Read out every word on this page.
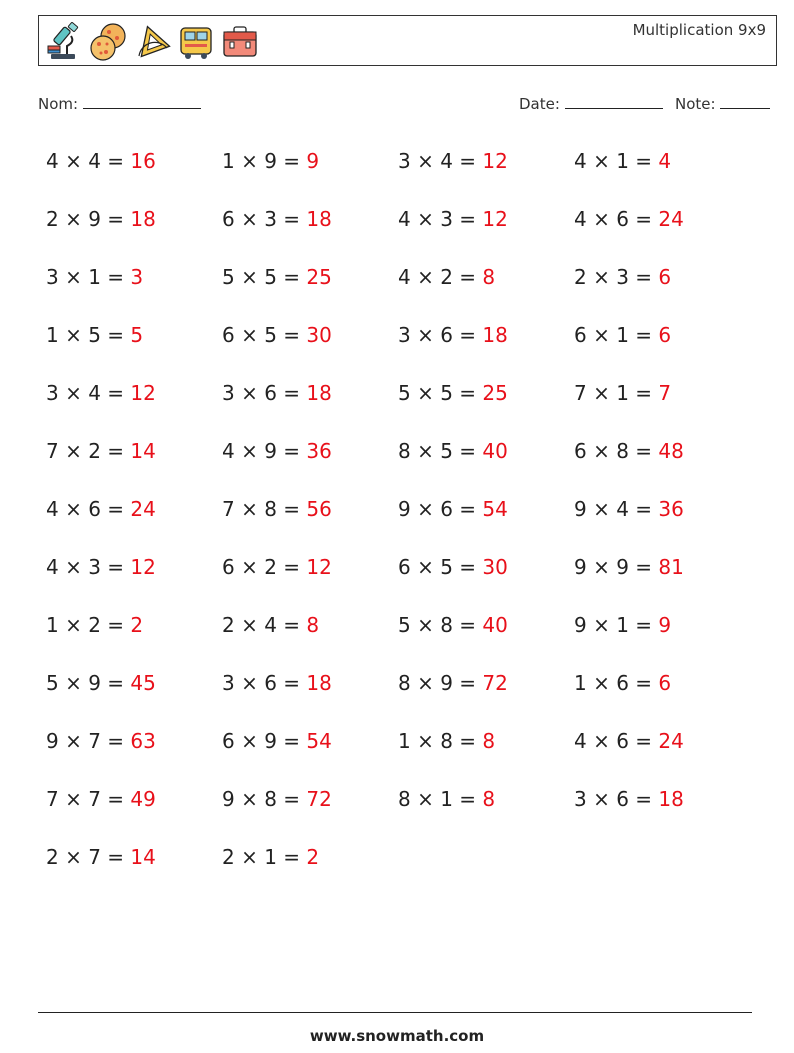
Multiplication 9x9
Nom:	Date:	Note:
4 × 4 = 16	1 × 9 = 9	3 × 4 = 12	4 × 1 = 4
2 × 9 = 18	6 × 3 = 18	4 × 3 = 12	4 × 6 = 24
3 × 1 = 3	5 × 5 = 25	4 × 2 = 8	2 × 3 = 6
1 × 5 = 5	6 × 5 = 30	3 × 6 = 18	6 × 1 = 6
3 × 4 = 12	3 × 6 = 18	5 × 5 = 25	7 × 1 = 7
7 × 2 = 14	4 × 9 = 36	8 × 5 = 40	6 × 8 = 48
4 × 6 = 24	7 × 8 = 56	9 × 6 = 54	9 × 4 = 36
4 × 3 = 12	6 × 2 = 12	6 × 5 = 30	9 × 9 = 81
1 × 2 = 2	2 × 4 = 8	5 × 8 = 40	9 × 1 = 9
5 × 9 = 45	3 × 6 = 18	8 × 9 = 72	1 × 6 = 6
9 × 7 = 63	6 × 9 = 54	1 × 8 = 8	4 × 6 = 24
7 × 7 = 49	9 × 8 = 72	8 × 1 = 8	3 × 6 = 18
2 × 7 = 14	2 × 1 = 2
www.snowmath.com
